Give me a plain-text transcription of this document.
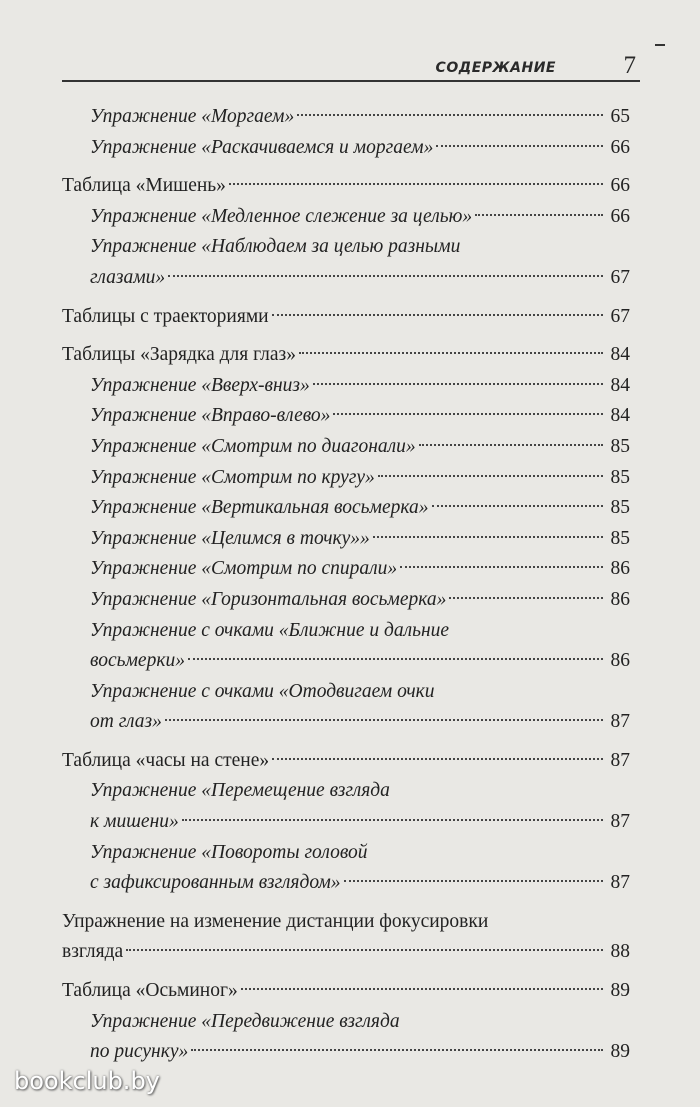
СОДЕРЖАНИЕ	7
Упражнение «Моргаем»	65
Упражнение «Раскачиваемся и моргаем»	66
Таблица «Мишень»	66
Упражнение «Медленное слежение за целью»	66
Упражнение «Наблюдаем за целью разными
глазами»	67
Таблицы с траекториями	67
Таблицы «Зарядка для глаз»	84
Упражнение «Вверх-вниз»	84
Упражнение «Вправо-влево»	84
Упражнение «Смотрим по диагонали»	85
Упражнение «Смотрим по кругу»	85
Упражнение «Вертикальная восьмерка»	85
Упражнение «Целимся в точку»»	85
Упражнение «Смотрим по спирали»	86
Упражнение «Горизонтальная восьмерка»	86
Упражнение с очками «Ближние и дальние
восьмерки»	86
Упражнение с очками «Отодвигаем очки
от глаз»	87
Таблица «часы на стене»	87
Упражнение «Перемещение взгляда
к мишени»	87
Упражнение «Повороты головой
с зафиксированным взглядом»	87
Упражнение на изменение дистанции фокусировки
взгляда	88
Таблица «Осьминог»	89
Упражнение «Передвижение взгляда
по рисунку»	89
bookclub.by
